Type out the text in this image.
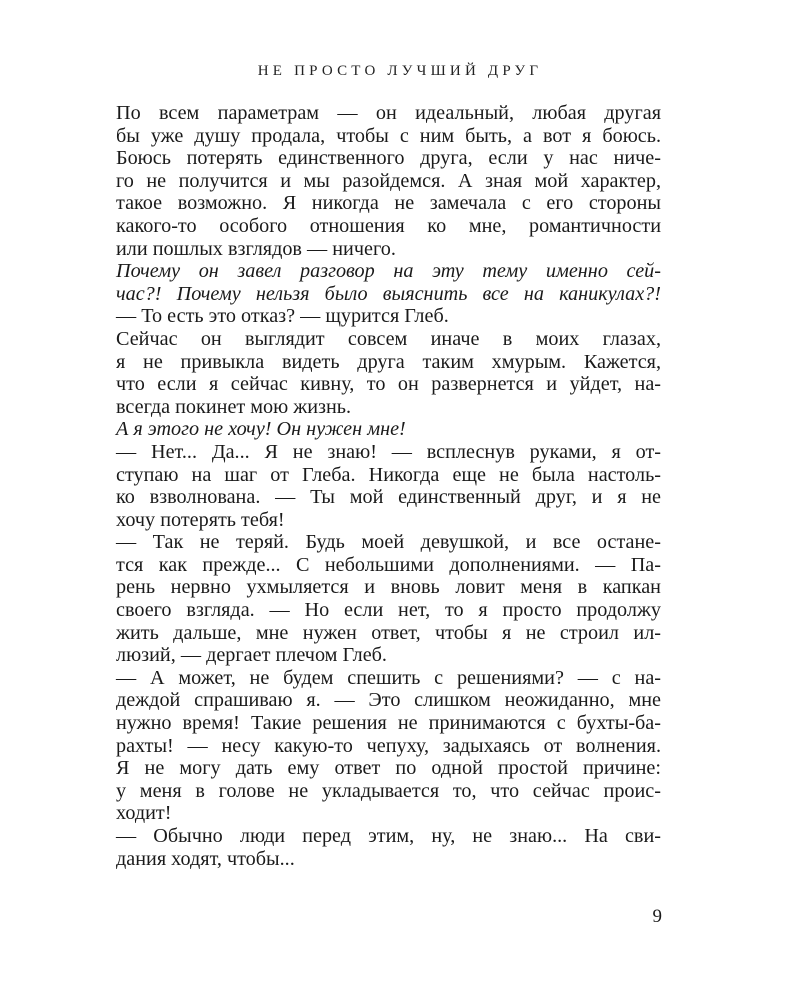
НЕ ПРОСТО ЛУЧШИЙ ДРУГ
По всем параметрам — он идеальный, любая другая
бы уже душу продала, чтобы с ним быть, а вот я боюсь.
Боюсь потерять единственного друга, если у нас ниче-
го не получится и мы разойдемся. А зная мой характер,
такое возможно. Я никогда не замечала с его стороны
какого-то особого отношения ко мне, романтичности
или пошлых взглядов — ничего.
Почему он завел разговор на эту тему именно сей-
час?! Почему нельзя было выяснить все на каникулах?!
— То есть это отказ? — щурится Глеб.
Сейчас он выглядит совсем иначе в моих глазах,
я не привыкла видеть друга таким хмурым. Кажется,
что если я сейчас кивну, то он развернется и уйдет, на-
всегда покинет мою жизнь.
А я этого не хочу! Он нужен мне!
— Нет... Да... Я не знаю! — всплеснув руками, я от-
ступаю на шаг от Глеба. Никогда еще не была настоль-
ко взволнована. — Ты мой единственный друг, и я не
хочу потерять тебя!
— Так не теряй. Будь моей девушкой, и все остане-
тся как прежде... С небольшими дополнениями. — Па-
рень нервно ухмыляется и вновь ловит меня в капкан
своего взгляда. — Но если нет, то я просто продолжу
жить дальше, мне нужен ответ, чтобы я не строил ил-
люзий, — дергает плечом Глеб.
— А может, не будем спешить с решениями? — с на-
деждой спрашиваю я. — Это слишком неожиданно, мне
нужно время! Такие решения не принимаются с бухты-ба-
рахты! — несу какую-то чепуху, задыхаясь от волнения.
Я не могу дать ему ответ по одной простой причине:
у меня в голове не укладывается то, что сейчас проис-
ходит!
— Обычно люди перед этим, ну, не знаю... На сви-
дания ходят, чтобы...
9
